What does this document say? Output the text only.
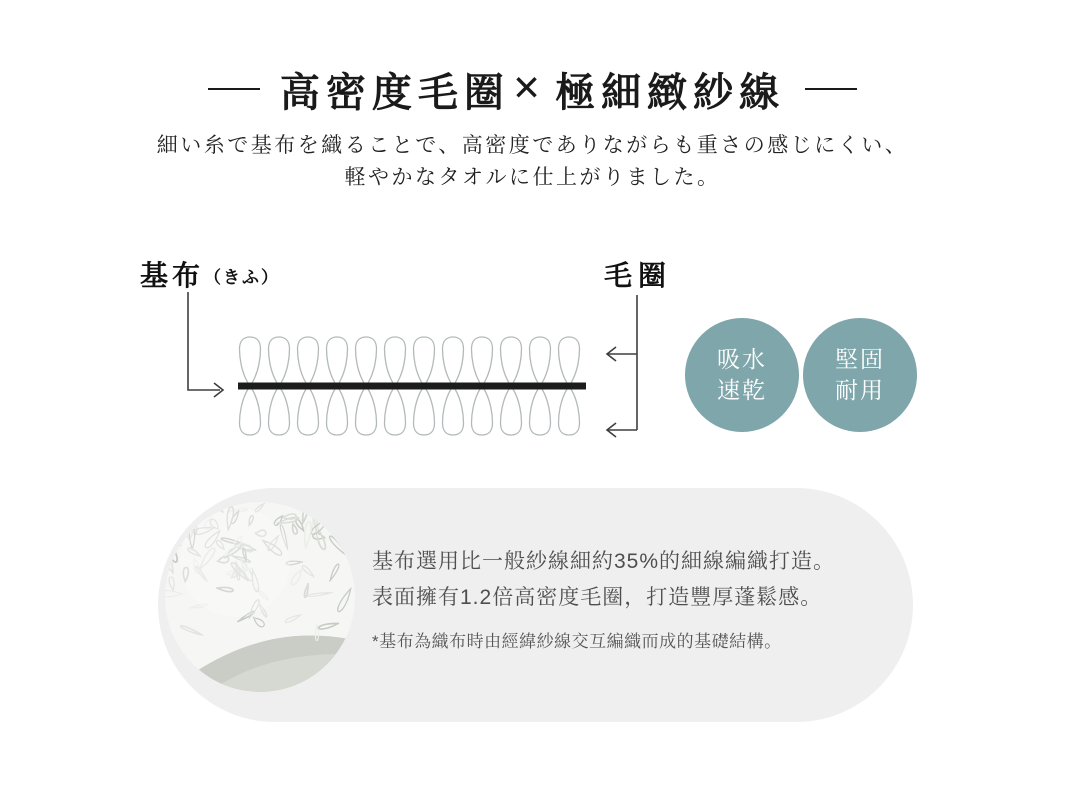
高密度毛圈 ✕ 極細緻紗線
細い糸で基布を織ることで、高密度でありながらも重さの感じにくい、
軽やかなタオルに仕上がりました。
基布（きふ）	毛圈
吸水
速乾
堅固
耐用

基布選用比一般紗線細約35%的細線編織打造。

表面擁有1.2倍高密度毛圈，打造豐厚蓬鬆感。

*基布為織布時由經緯紗線交互編織而成的基礎結構。
